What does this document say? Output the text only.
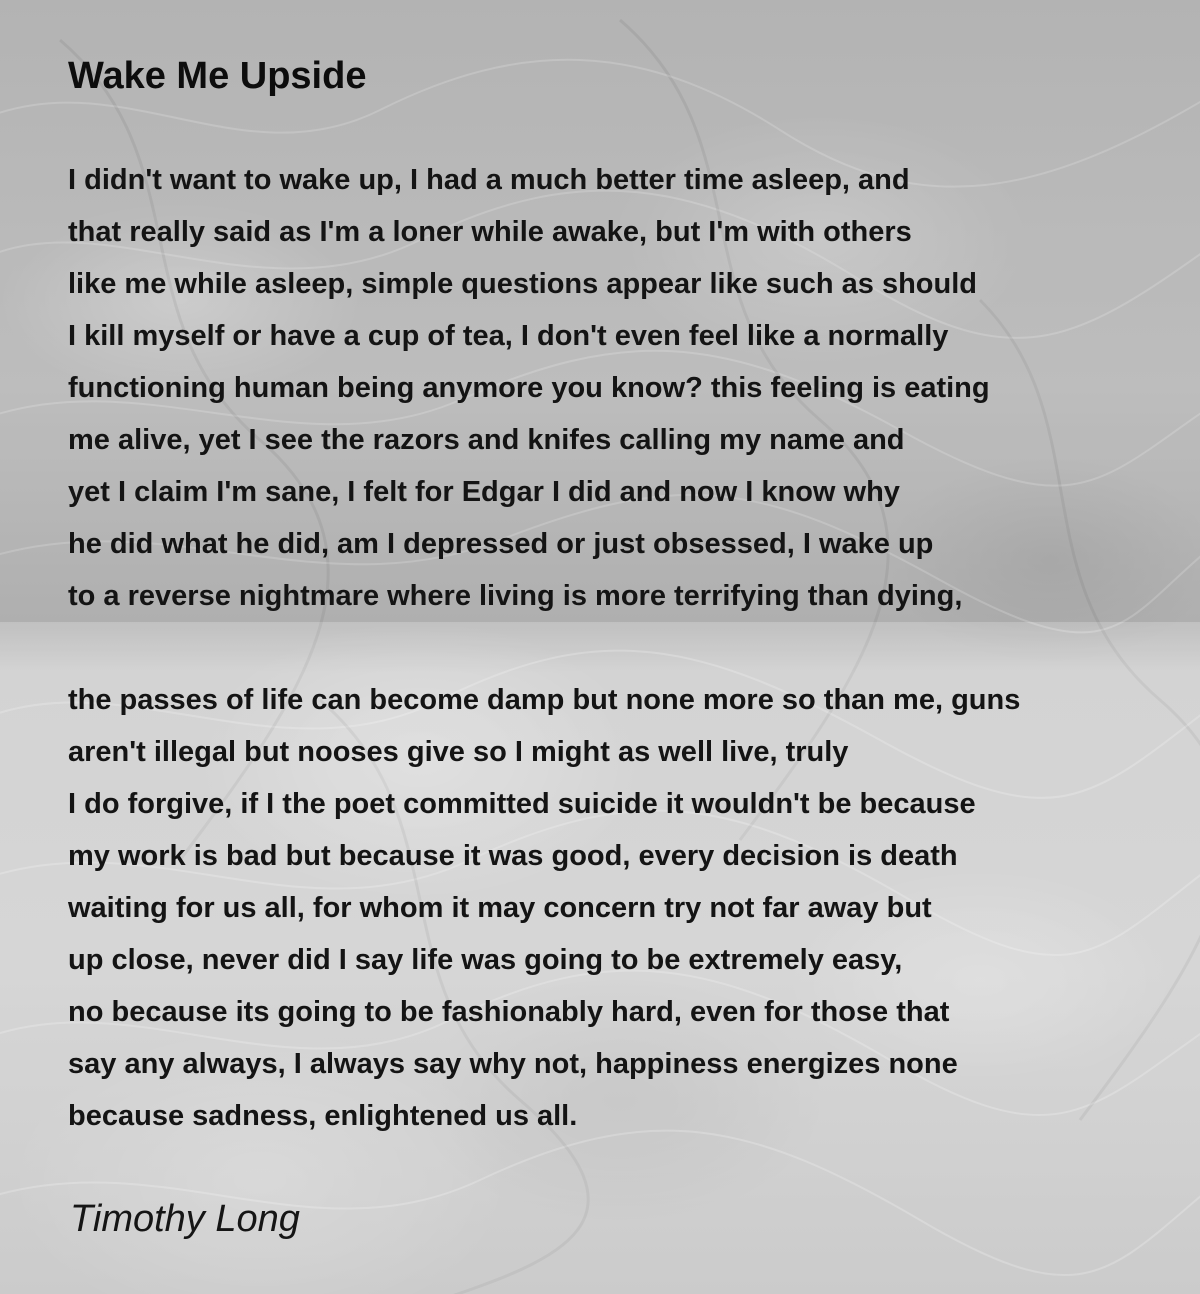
Wake Me Upside
I didn't want to wake up, I had a much better time asleep, and
that really said as I'm a loner while awake, but I'm with others
like me while asleep, simple questions appear like such as should
I kill myself or have a cup of tea, I don't even feel like a normally
functioning human being anymore you know? this feeling is eating
me alive, yet I see the razors and knifes calling my name and
yet I claim I'm sane, I felt for Edgar I did and now I know why
he did what he did, am I depressed or just obsessed, I wake up
to a reverse nightmare where living is more terrifying than dying,
the passes of life can become damp but none more so than me, guns
aren't illegal but nooses give so I might as well live, truly
I do forgive, if I the poet committed suicide it wouldn't be because
my work is bad but because it was good, every decision is death
waiting for us all, for whom it may concern try not far away but
up close, never did I say life was going to be extremely easy,
no because its going to be fashionably hard, even for those that
say any always, I always say why not, happiness energizes none
because sadness, enlightened us all.

Timothy Long
